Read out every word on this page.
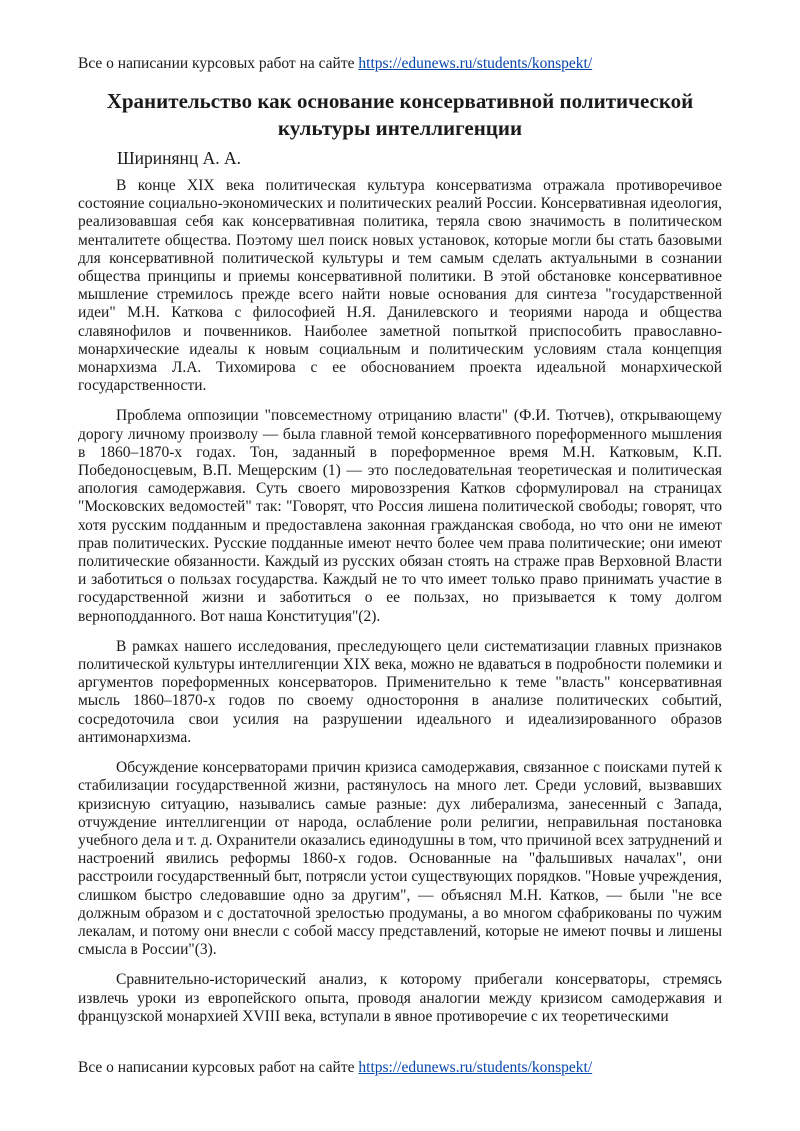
Все о написании курсовых работ на сайте https://edunews.ru/students/konspekt/
Хранительство как основание консервативной политической культуры интеллигенции
Ширинянц А. А.

В конце XIX века политическая культура консерватизма отражала противоречивое состояние социально-экономических и политических реалий России. Консервативная идеология, реализовавшая себя как консервативная политика, теряла свою значимость в политическом менталитете общества. Поэтому шел поиск новых установок, которые могли бы стать базовыми для консервативной политической культуры и тем самым сделать актуальными в сознании общества принципы и приемы консервативной политики. В этой обстановке консервативное мышление стремилось прежде всего найти новые основания для синтеза "государственной идеи" М.Н. Каткова с философией Н.Я. Данилевского и теориями народа и общества славянофилов и почвенников. Наиболее заметной попыткой приспособить православно-монархические идеалы к новым социальным и политическим условиям стала концепция монархизма Л.А. Тихомирова с ее обоснованием проекта идеальной монархической государственности.

Проблема оппозиции "повсеместному отрицанию власти" (Ф.И. Тютчев), открывающему дорогу личному произволу — была главной темой консервативного пореформенного мышления в 1860–1870-х годах. Тон, заданный в пореформенное время М.Н. Катковым, К.П. Победоносцевым, В.П. Мещерским (1) — это последовательная теоретическая и политическая апология самодержавия. Суть своего мировоззрения Катков сформулировал на страницах "Московских ведомостей" так: "Говорят, что Россия лишена политической свободы; говорят, что хотя русским подданным и предоставлена законная гражданская свобода, но что они не имеют прав политических. Русские подданные имеют нечто более чем права политические; они имеют политические обязанности. Каждый из русских обязан стоять на страже прав Верховной Власти и заботиться о пользах государства. Каждый не то что имеет только право принимать участие в государственной жизни и заботиться о ее пользах, но призывается к тому долгом верноподданного. Вот наша Конституция"(2).

В рамках нашего исследования, преследующего цели систематизации главных признаков политической культуры интеллигенции XIX века, можно не вдаваться в подробности полемики и аргументов пореформенных консерваторов. Применительно к теме "власть" консервативная мысль 1860–1870-х годов по своему одностороння в анализе политических событий, сосредоточила свои усилия на разрушении идеального и идеализированного образов антимонархизма.

Обсуждение консерваторами причин кризиса самодержавия, связанное с поисками путей к стабилизации государственной жизни, растянулось на много лет. Среди условий, вызвавших кризисную ситуацию, назывались самые разные: дух либерализма, занесенный с Запада, отчуждение интеллигенции от народа, ослабление роли религии, неправильная постановка учебного дела и т. д. Охранители оказались единодушны в том, что причиной всех затруднений и настроений явились реформы 1860-х годов. Основанные на "фальшивых началах", они расстроили государственный быт, потрясли устои существующих порядков. "Новые учреждения, слишком быстро следовавшие одно за другим", — объяснял М.Н. Катков, — были "не все должным образом и с достаточной зрелостью продуманы, а во многом сфабрикованы по чужим лекалам, и потому они внесли с собой массу представлений, которые не имеют почвы и лишены смысла в России"(3).

Сравнительно-исторический анализ, к которому прибегали консерваторы, стремясь извлечь уроки из европейского опыта, проводя аналогии между кризисом самодержавия и французской монархией XVIII века, вступали в явное противоречие с их теоретическими

Все о написании курсовых работ на сайте https://edunews.ru/students/konspekt/
